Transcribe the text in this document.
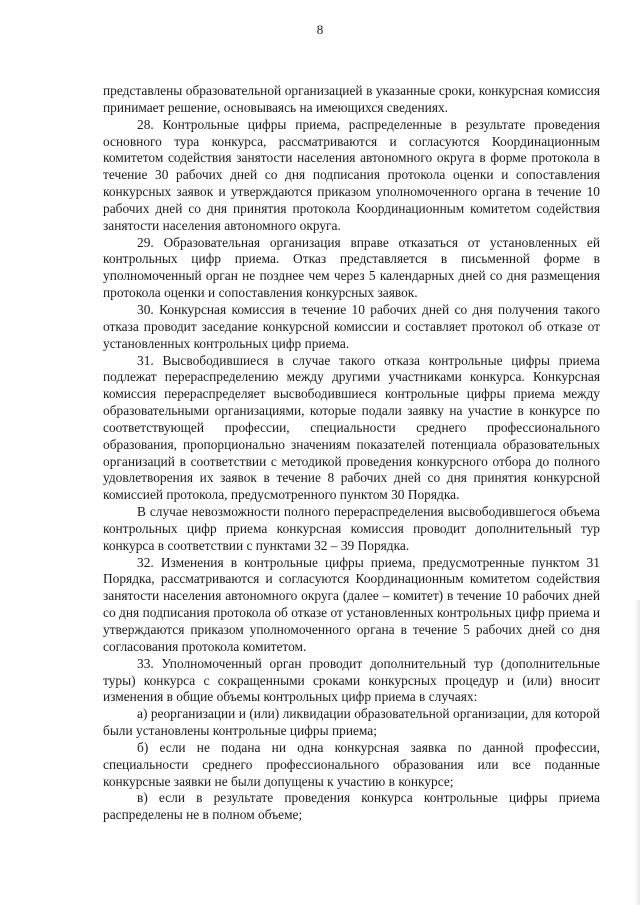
8

представлены образовательной организацией в указанные сроки, конкурсная комиссия принимает решение, основываясь на имеющихся сведениях.

28. Контрольные цифры приема, распределенные в результате проведения основного тура конкурса, рассматриваются и согласуются Координационным комитетом содействия занятости населения автономного округа в форме протокола в течение 30 рабочих дней со дня подписания протокола оценки и сопоставления конкурсных заявок и утверждаются приказом уполномоченного органа в течение 10 рабочих дней со дня принятия протокола Координационным комитетом содействия занятости населения автономного округа.

29. Образовательная организация вправе отказаться от установленных ей контрольных цифр приема. Отказ представляется в письменной форме в уполномоченный орган не позднее чем через 5 календарных дней со дня размещения протокола оценки и сопоставления конкурсных заявок.

30. Конкурсная комиссия в течение 10 рабочих дней со дня получения такого отказа проводит заседание конкурсной комиссии и составляет протокол об отказе от установленных контрольных цифр приема.

31. Высвободившиеся в случае такого отказа контрольные цифры приема подлежат перераспределению между другими участниками конкурса. Конкурсная комиссия перераспределяет высвободившиеся контрольные цифры приема между образовательными организациями, которые подали заявку на участие в конкурсе по соответствующей профессии, специальности среднего профессионального образования, пропорционально значениям показателей потенциала образовательных организаций в соответствии с методикой проведения конкурсного отбора до полного удовлетворения их заявок в течение 8 рабочих дней со дня принятия конкурсной комиссией протокола, предусмотренного пунктом 30 Порядка.

В случае невозможности полного перераспределения высвободившегося объема контрольных цифр приема конкурсная комиссия проводит дополнительный тур конкурса в соответствии с пунктами 32 – 39 Порядка.

32. Изменения в контрольные цифры приема, предусмотренные пунктом 31 Порядка, рассматриваются и согласуются Координационным комитетом содействия занятости населения автономного округа (далее – комитет) в течение 10 рабочих дней со дня подписания протокола об отказе от установленных контрольных цифр приема и утверждаются приказом уполномоченного органа в течение 5 рабочих дней со дня согласования протокола комитетом.

33. Уполномоченный орган проводит дополнительный тур (дополнительные туры) конкурса с сокращенными сроками конкурсных процедур и (или) вносит изменения в общие объемы контрольных цифр приема в случаях:

а) реорганизации и (или) ликвидации образовательной организации, для которой были установлены контрольные цифры приема;

б) если не подана ни одна конкурсная заявка по данной профессии, специальности среднего профессионального образования или все поданные конкурсные заявки не были допущены к участию в конкурсе;

в) если в результате проведения конкурса контрольные цифры приема распределены не в полном объеме;
